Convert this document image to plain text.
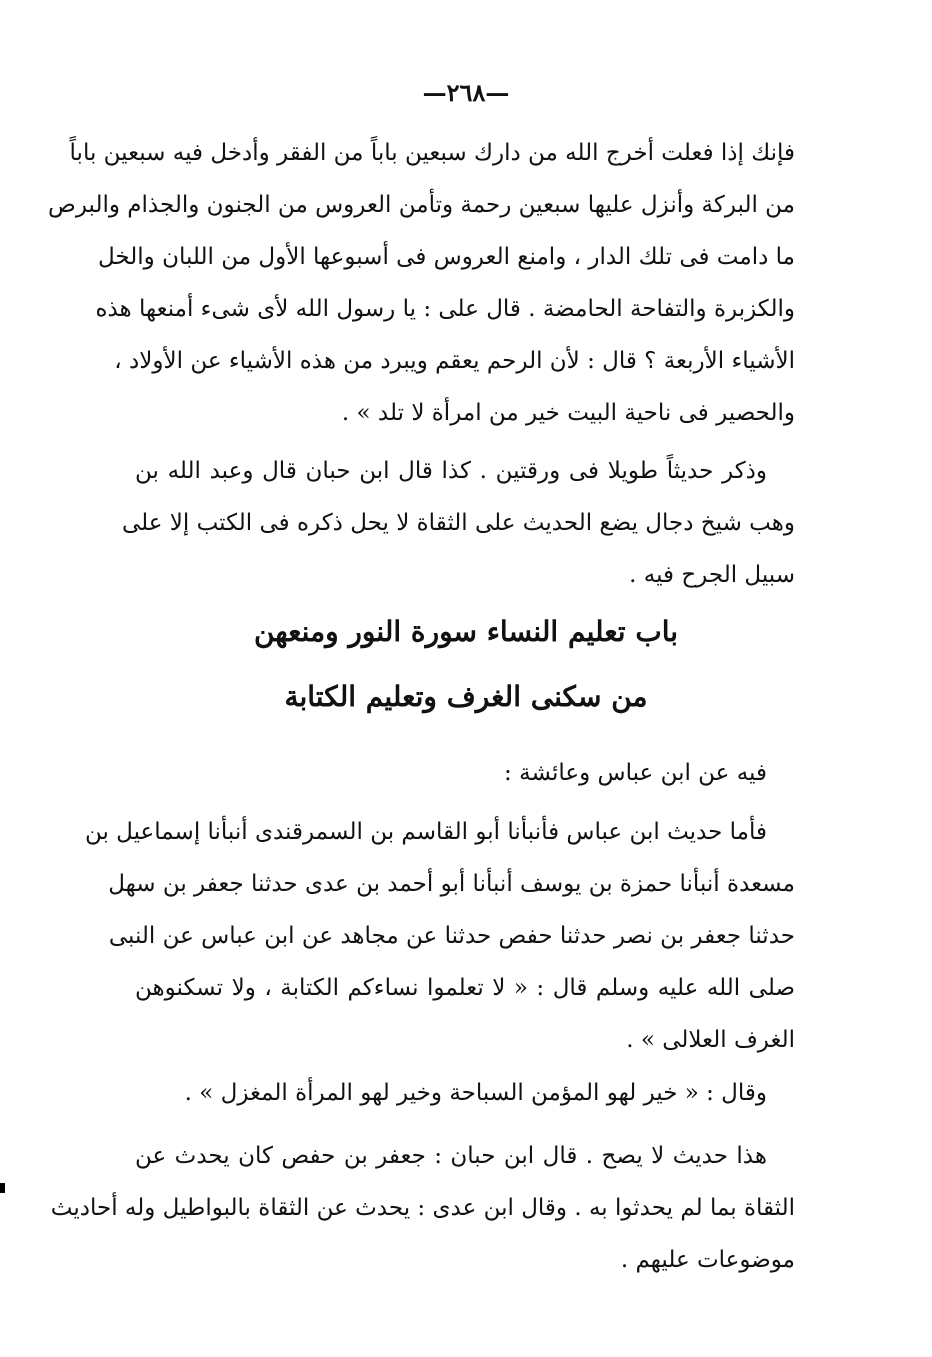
—٢٦٨—
فإنك إذا فعلت أخرج الله من دارك سبعين باباً من الفقر وأدخل فيه سبعين باباً
من البركة وأنزل عليها سبعين رحمة وتأمن العروس من الجنون والجذام والبرص
ما دامت فى تلك الدار ، وامنع العروس فى أسبوعها الأول من اللبان والخل
والكزبرة والتفاحة الحامضة . قال على : يا رسول الله لأى شىء أمنعها هذه
الأشياء الأربعة ؟ قال : لأن الرحم يعقم ويبرد من هذه الأشياء عن الأولاد ،
والحصير فى ناحية البيت خير من امرأة لا تلد » .
وذكر حديثاً طويلا فى ورقتين . كذا قال ابن حبان قال وعبد الله بن
وهب شيخ دجال يضع الحديث على الثقاة لا يحل ذكره فى الكتب إلا على
سبيل الجرح فيه .
باب تعليم النساء سورة النور ومنعهن
من سكنى الغرف وتعليم الكتابة
فيه عن ابن عباس وعائشة :
فأما حديث ابن عباس فأنبأنا أبو القاسم بن السمرقندى أنبأنا إسماعيل بن
مسعدة أنبأنا حمزة بن يوسف أنبأنا أبو أحمد بن عدى حدثنا جعفر بن سهل
حدثنا جعفر بن نصر حدثنا حفص حدثنا عن مجاهد عن ابن عباس عن النبى
صلى الله عليه وسلم قال : « لا تعلموا نساءكم الكتابة ، ولا تسكنوهن
الغرف العلالى » .
وقال : « خير لهو المؤمن السباحة وخير لهو المرأة المغزل » .
هذا حديث لا يصح . قال ابن حبان : جعفر بن حفص كان يحدث عن
الثقاة بما لم يحدثوا به . وقال ابن عدى : يحدث عن الثقاة بالبواطيل وله أحاديث
موضوعات عليهم .
